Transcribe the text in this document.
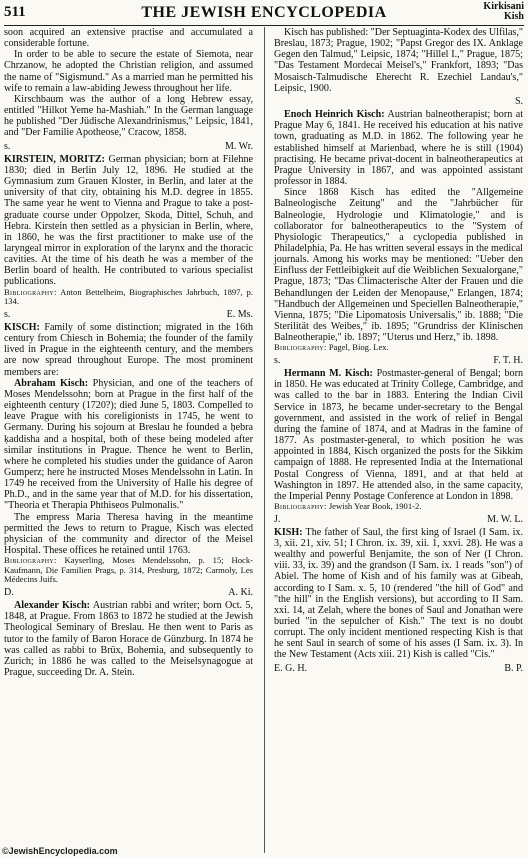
511	THE JEWISH ENCYCLOPEDIA	Kirkisani
Kish

soon acquired an extensive practise and accumulated a considerable fortune.

In order to be able to secure the estate of Siemota, near Chrzanow, he adopted the Christian religion, and assumed the name of "Sigismund." As a married man he permitted his wife to remain a law-abiding Jewess throughout her life.

Kirschbaum was the author of a long Hebrew essay, entitled "Hilkot Yeme ha-Mashiah." In the German language he published "Der Jüdische Alexandrinismus," Leipsic, 1841, and "Der Familie Apotheose," Cracow, 1858.

s.	M. Wr.

KIRSTEIN, MORITZ: German physician; born at Filehne 1830; died in Berlin July 12, 1896. He studied at the Gymnasium zum Grauen Kloster, in Berlin, and later at the university of that city, obtaining his M.D. degree in 1855. The same year he went to Vienna and Prague to take a post-graduate course under Oppolzer, Skoda, Dittel, Schuh, and Hebra. Kirstein then settled as a physician in Berlin, where, in 1860, he was the first practitioner to make use of the laryngeal mirror in exploration of the larynx and the thoracic cavities. At the time of his death he was a member of the Berlin board of health. He contributed to various specialist publications.

Bibliography: Anton Bettelheim, Biographisches Jahrbuch, 1897, p. 134.

s.	E. Ms.

KISCH: Family of some distinction; migrated in the 16th century from Chiesch in Bohemia; the founder of the family lived in Prague in the eighteenth century, and the members are now spread throughout Europe. The most prominent members are:

Abraham Kisch: Physician, and one of the teachers of Moses Mendelssohn; born at Prague in the first half of the eighteenth century (1720?); died June 5, 1803. Compelled to leave Prague with his coreligionists in 1745, he went to Germany. During his sojourn at Breslau he founded a ḥebra ḳaddisha and a hospital, both of these being modeled after similar institutions in Prague. Thence he went to Berlin, where he completed his studies under the guidance of Aaron Gumperz; here he instructed Moses Mendelssohn in Latin. In 1749 he received from the University of Halle his degree of Ph.D., and in the same year that of M.D. for his dissertation, "Theoria et Therapia Phthiseos Pulmonalis."

The empress Maria Theresa having in the meantime permitted the Jews to return to Prague, Kisch was elected physician of the community and director of the Meisel Hospital. These offices he retained until 1763.

Bibliography: Kayserling, Moses Mendelssohn, p. 15; Hock-Kaufmann, Die Familien Prags, p. 314, Presburg, 1872; Carmoly, Les Médecins Juifs.

D.	A. Ki.

Alexander Kisch: Austrian rabbi and writer; born Oct. 5, 1848, at Prague. From 1863 to 1872 he studied at the Jewish Theological Seminary of Breslau. He then went to Paris as tutor to the family of Baron Horace de Günzburg. In 1874 he was called as rabbi to Brüx, Bohemia, and subsequently to Zurich; in 1886 he was called to the Meiselsynagogue at Prague, succeeding Dr. A. Stein.

Kisch has published: "Der Septuaginta-Kodex des Ulfilas," Breslau, 1873; Prague, 1902; "Papst Gregor des IX. Anklage Gegen den Talmud," Leipsic, 1874; "Hillel I.," Prague, 1875; "Das Testament Mordecai Meisel's," Frankfort, 1893; "Das Mosaisch-Talmudische Eherecht R. Ezechiel Landau's," Leipsic, 1900.

S.

Enoch Heinrich Kisch: Austrian balneotherapist; born at Prague May 6, 1841. He received his education at his native town, graduating as M.D. in 1862. The following year he established himself at Marienbad, where he is still (1904) practising. He became privat-docent in balneotherapeutics at Prague University in 1867, and was appointed assistant professor in 1884.

Since 1868 Kisch has edited the "Allgemeine Balneologische Zeitung" and the "Jahrbücher für Balneologie, Hydrologie und Klimatologie," and is collaborator for balneotherapeutics to the "System of Physiologic Therapeutics," a cyclopedia published in Philadelphia, Pa. He has written several essays in the medical journals. Among his works may be mentioned: "Ueber den Einfluss der Fettleibigkeit auf die Weiblichen Sexualorgane," Prague, 1873; "Das Climacterische Alter der Frauen und die Behandlungen der Leiden der Menopause," Erlangen, 1874; "Handbuch der Allgemeinen und Speciellen Balneotherapie," Vienna, 1875; "Die Lipomatosis Universalis," ib. 1888; "Die Sterilität des Weibes," ib. 1895; "Grundriss der Klinischen Balneotherapie," ib. 1897; "Uterus und Herz," ib. 1898.

Bibliography: Pagel, Biog. Lex.

s.	F. T. H.

Hermann M. Kisch: Postmaster-general of Bengal; born in 1850. He was educated at Trinity College, Cambridge, and was called to the bar in 1883. Entering the Indian Civil Service in 1873, he became under-secretary to the Bengal government, and assisted in the work of relief in Bengal during the famine of 1874, and at Madras in the famine of 1877. As postmaster-general, to which position he was appointed in 1884, Kisch organized the posts for the Sikkim campaign of 1888. He represented India at the International Postal Congress of Vienna, 1891, and at that held at Washington in 1897. He attended also, in the same capacity, the Imperial Penny Postage Conference at London in 1898.

Bibliography: Jewish Year Book, 1901-2.

J.	M. W. L.

KISH: The father of Saul, the first king of Israel (I Sam. ix. 3, xii. 21, xiv. 51; I Chron. ix. 39, xii. 1, xxvi. 28). He was a wealthy and powerful Benjamite, the son of Ner (I Chron. viii. 33, ix. 39) and the grandson (I Sam. ix. 1 reads "son") of Abiel. The home of Kish and of his family was at Gibeah, according to I Sam. x. 5, 10 (rendered "the hill of God" and "the hill" in the English versions), but according to II Sam. xxi. 14, at Zelah, where the bones of Saul and Jonathan were buried "in the sepulcher of Kish." The text is no doubt corrupt. The only incident mentioned respecting Kish is that he sent Saul in search of some of his asses (I Sam. ix. 3). In the New Testament (Acts xiii. 21) Kish is called "Cis."

E. G. H.	B. P.
©JewishEncyclopedia.com
